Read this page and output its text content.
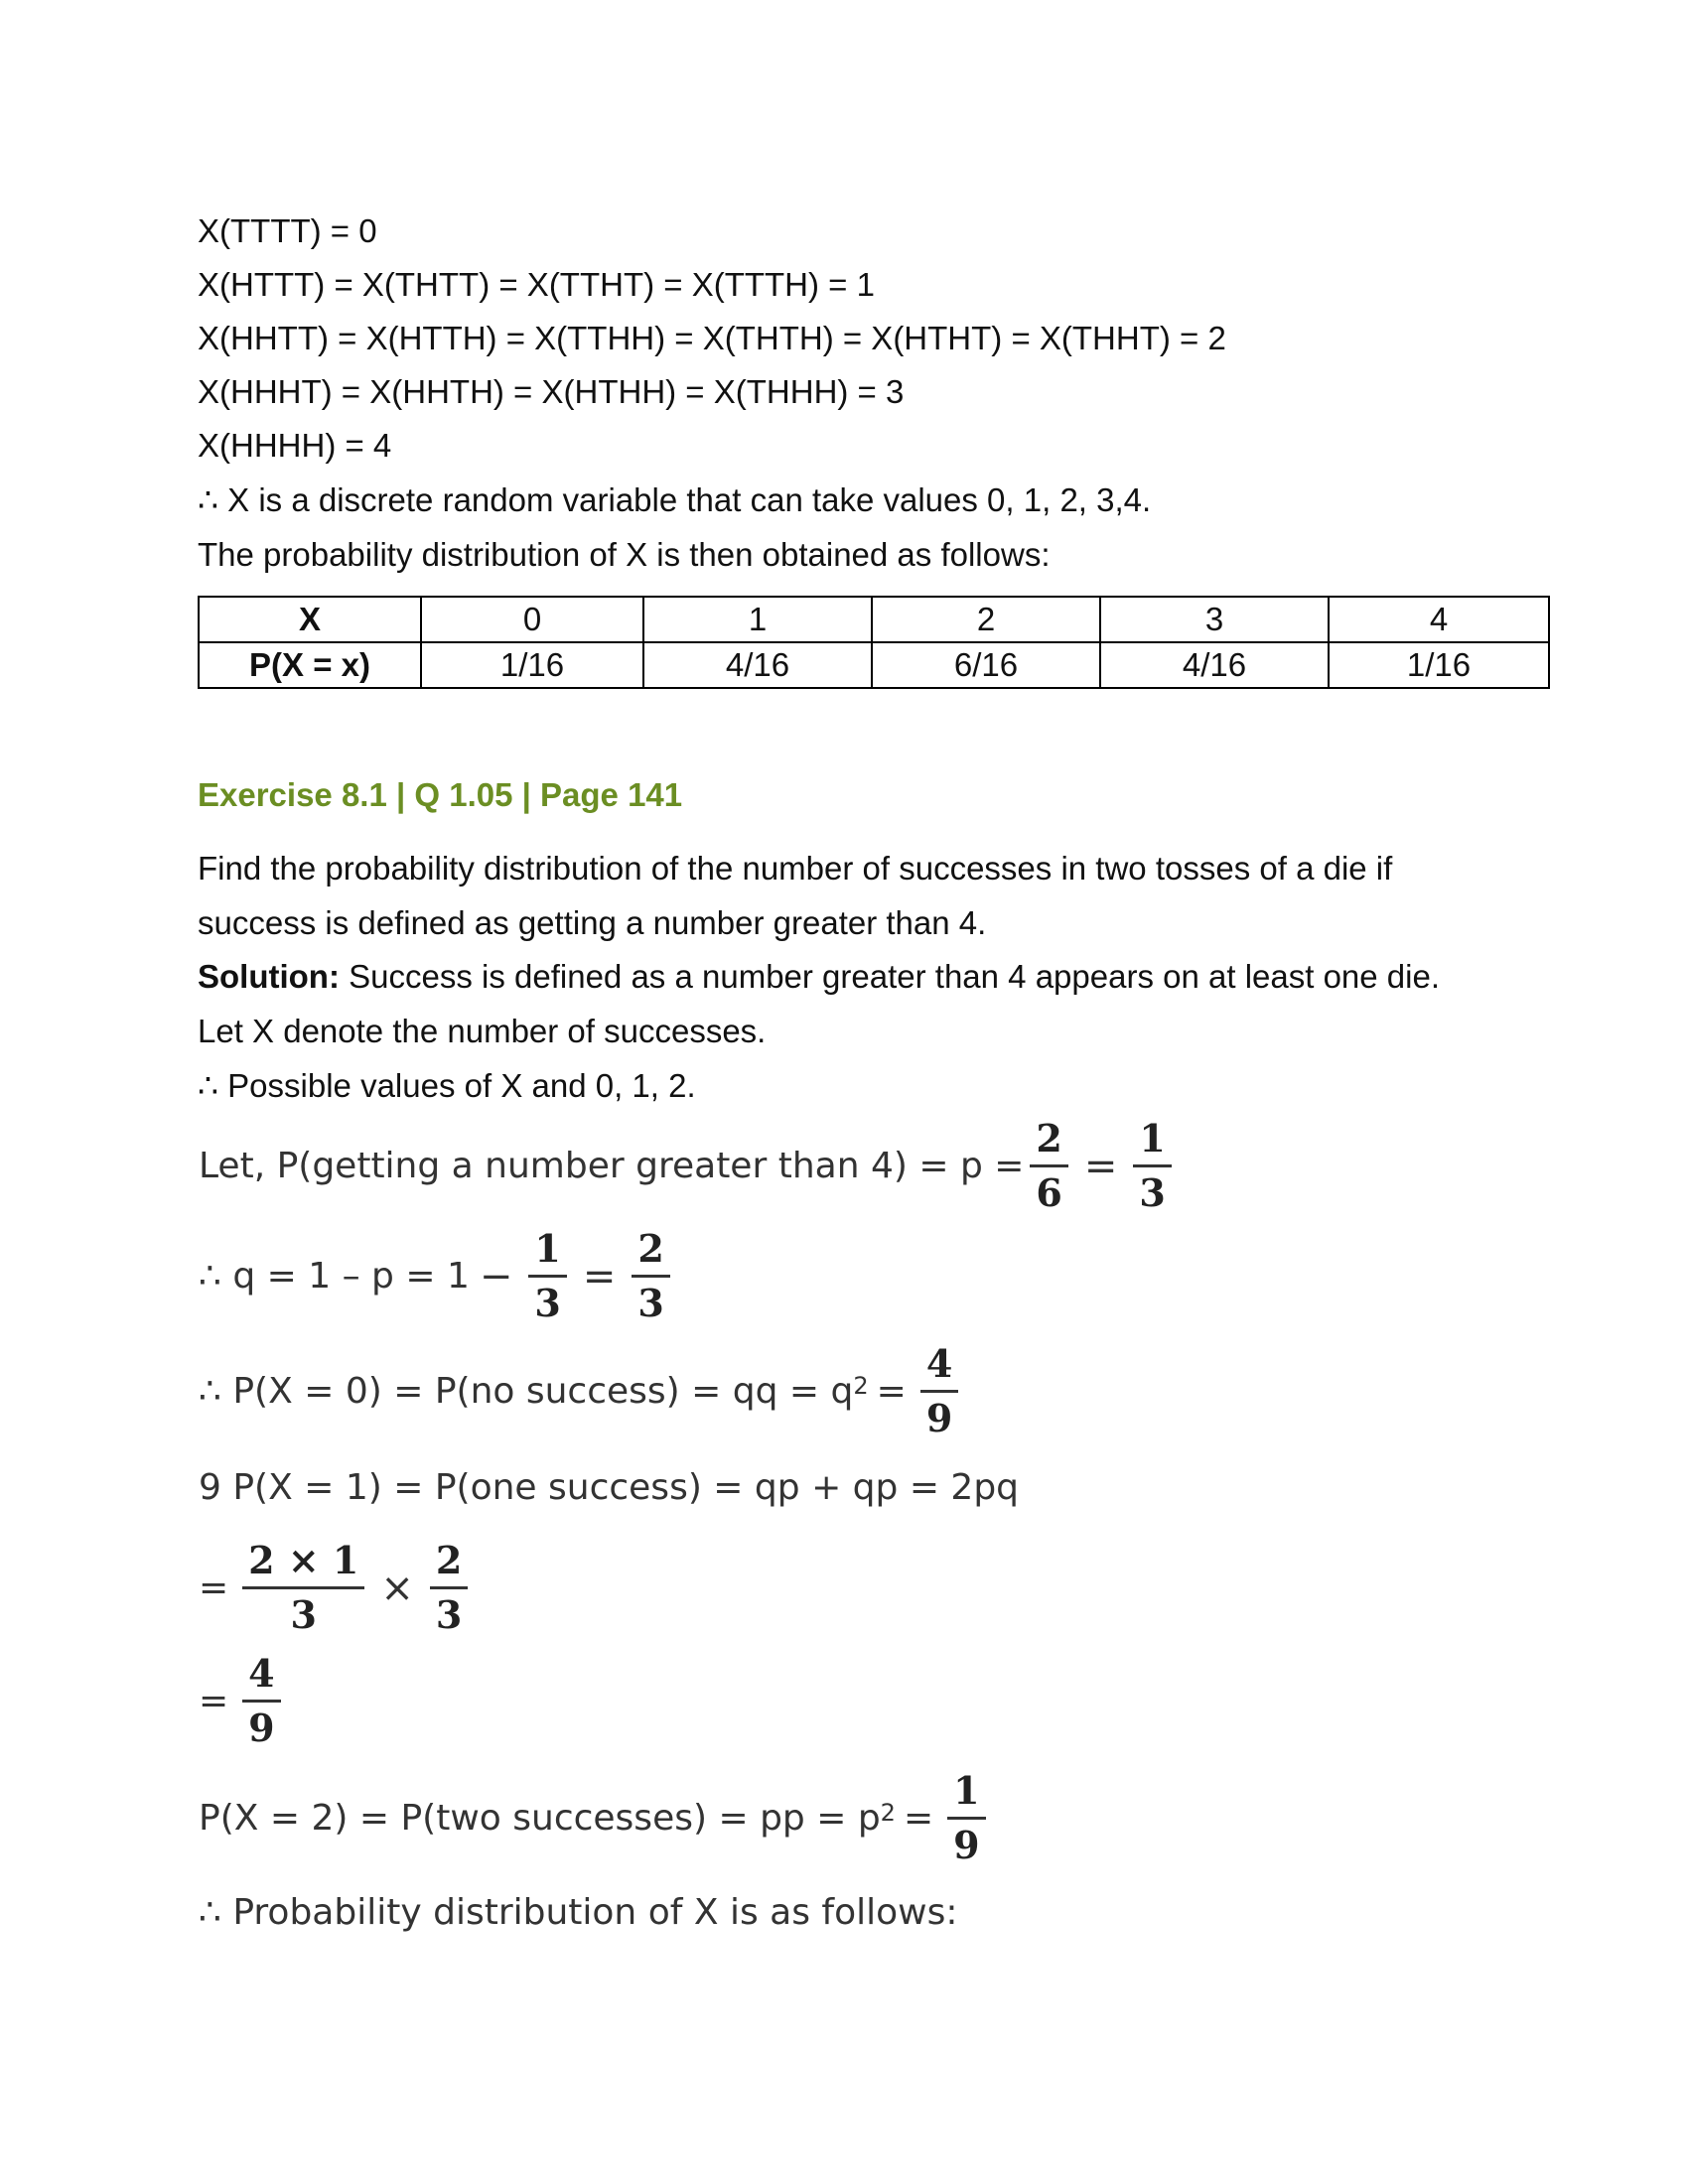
X(TTTT) = 0
X(HTTT) = X(THTT) = X(TTHT) = X(TTTH) = 1
X(HHTT) = X(HTTH) = X(TTHH) = X(THTH) = X(HTHT) = X(THHT) = 2
X(HHHT) = X(HHTH) = X(HTHH) = X(THHH) = 3
X(HHHH) = 4
∴ X is a discrete random variable that can take values 0, 1, 2, 3,4.
The probability distribution of X is then obtained as follows:
X	0	1	2	3	4
P(X = x)	1/16	4/16	6/16	4/16	1/16
Exercise 8.1 | Q 1.05 | Page 141
Find the probability distribution of the number of successes in two tosses of a die if
success is defined as getting a number greater than 4.
Solution: Success is defined as a number greater than 4 appears on at least one die.
Let X denote the number of successes.
∴ Possible values of X and 0, 1, 2.
Let, P(getting a number greater than $4) = p = \frac{2}{6} = \frac{1}{3}$
∴ $q = 1 - p = 1 - \frac{1}{3} = \frac{2}{3}$
∴ P(X = 0) = P(no success) = qq = q $2 = \frac{4}{9}$
9 P(X = 1) = P(one success) = qp + qp = 2pq
= $\frac{2 \times 1}{3} \times \frac{2}{3}$
= $\frac{4}{9}$
P(X = 2) = P(two successes) = pp = p $2 = \frac{1}{9}$
∴ Probability distribution of X is as follows:
